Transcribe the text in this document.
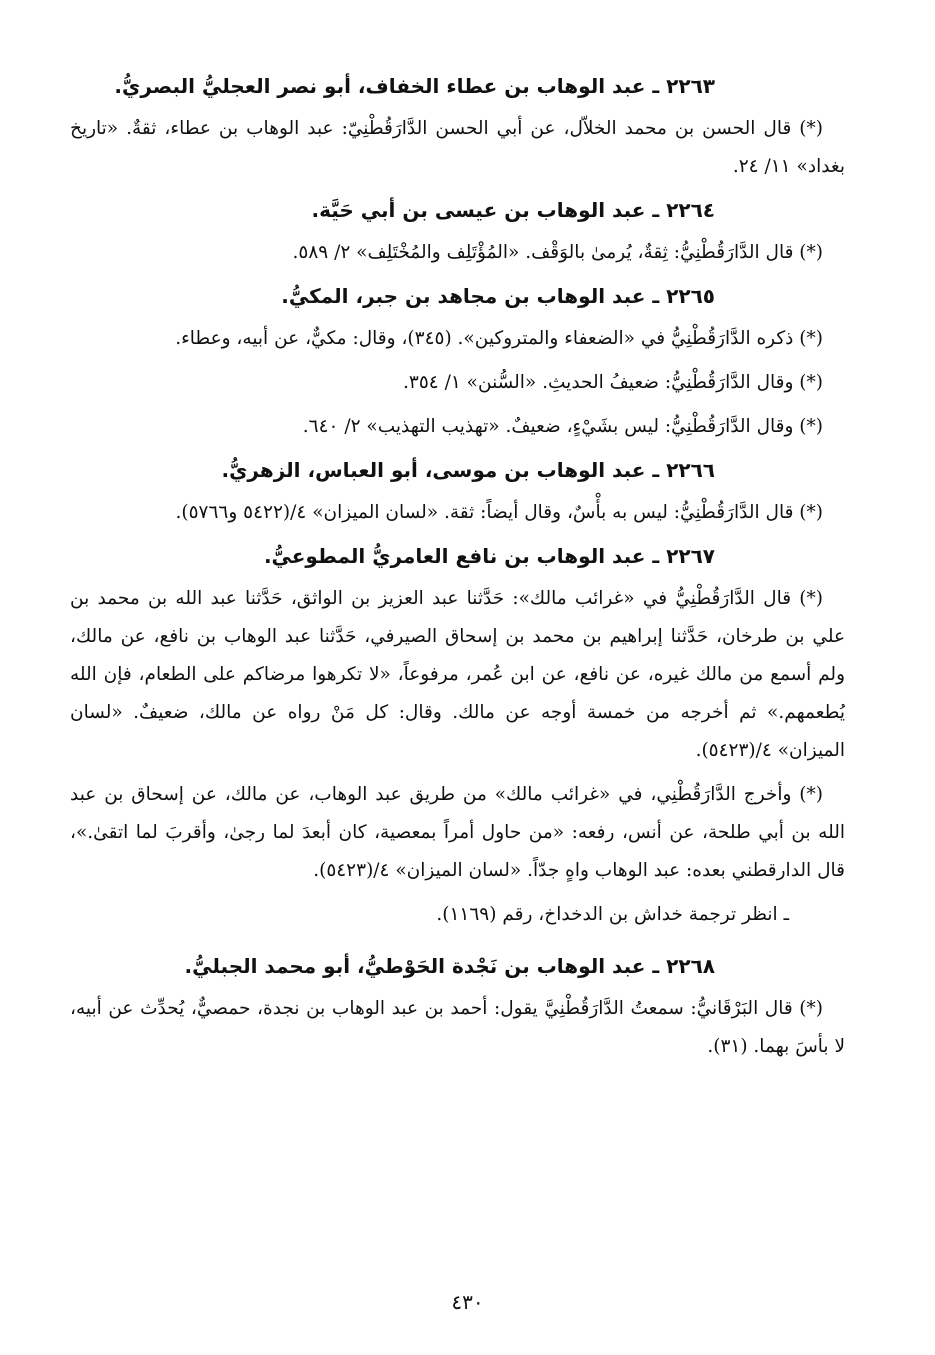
٢٢٦٣ ـ عبد الوهاب بن عطاء الخفاف، أبو نصر العجليُّ البصريُّ.

(*) قال الحسن بن محمد الخلاّل، عن أبي الحسن الدَّارَقُطْنِيّ: عبد الوهاب بن عطاء، ثقةٌ. «تاريخ بغداد» ١١/ ٢٤.

٢٢٦٤ ـ عبد الوهاب بن عيسى بن أبي حَيَّة.

(*) قال الدَّارَقُطْنِيُّ: ثِقةٌ، يُرمىٰ بالوَقْف. «المُؤْتَلِف والمُخْتَلِف» ٢/ ٥٨٩.

٢٢٦٥ ـ عبد الوهاب بن مجاهد بن جبر، المكيُّ.

(*) ذكره الدَّارَقُطْنِيُّ في «الضعفاء والمتروكين». (٣٤٥)، وقال: مكيٌّ، عن أبيه، وعطاء.

(*) وقال الدَّارَقُطْنِيُّ: ضعيفُ الحديثِ. «السُّنن» ١/ ٣٥٤.

(*) وقال الدَّارَقُطْنِيُّ: ليس بشَيْءٍ، ضعيفٌ. «تهذيب التهذيب» ٢/ ٦٤٠.

٢٢٦٦ ـ عبد الوهاب بن موسى، أبو العباس، الزهريُّ.

(*) قال الدَّارَقُطْنِيُّ: ليس به بأْسٌ، وقال أيضاً: ثقة. «لسان الميزان» ٤/(٥٤٢٢ و٥٧٦٦).

٢٢٦٧ ـ عبد الوهاب بن نافع العامريُّ المطوعيُّ.

(*) قال الدَّارَقُطْنِيُّ في «غرائب مالك»: حَدَّثنا عبد العزيز بن الواثق، حَدَّثنا عبد الله بن محمد بن علي بن طرخان، حَدَّثنا إبراهيم بن محمد بن إسحاق الصيرفي، حَدَّثنا عبد الوهاب بن نافع، عن مالك، ولم أسمع من مالك غيره، عن نافع، عن ابن عُمر، مرفوعاً، «لا تكرهوا مرضاكم على الطعام، فإن الله يُطعمهم.» ثم أخرجه من خمسة أوجه عن مالك. وقال: كل مَنْ رواه عن مالك، ضعيفٌ. «لسان الميزان» ٤/(٥٤٢٣).

(*) وأخرج الدَّارَقُطْنِي، في «غرائب مالك» من طريق عبد الوهاب، عن مالك، عن إسحاق بن عبد الله بن أبي طلحة، عن أنس، رفعه: «من حاول أمراً بمعصية، كان أبعدَ لما رجىٰ، وأقربَ لما اتقىٰ.»، قال الدارقطني بعده: عبد الوهاب واهٍ جدّاً. «لسان الميزان» ٤/(٥٤٢٣).

ـ انظر ترجمة خداش بن الدخداخ، رقم (١١٦٩).

٢٢٦٨ ـ عبد الوهاب بن نَجْدة الحَوْطيُّ، أبو محمد الجبليُّ.

(*) قال البَرْقَانيُّ: سمعتُ الدَّارَقُطْنِيَّ يقول: أحمد بن عبد الوهاب بن نجدة، حمصيٌّ، يُحدِّث عن أبيه، لا بأسَ بهما. (٣١).

٤٣٠
